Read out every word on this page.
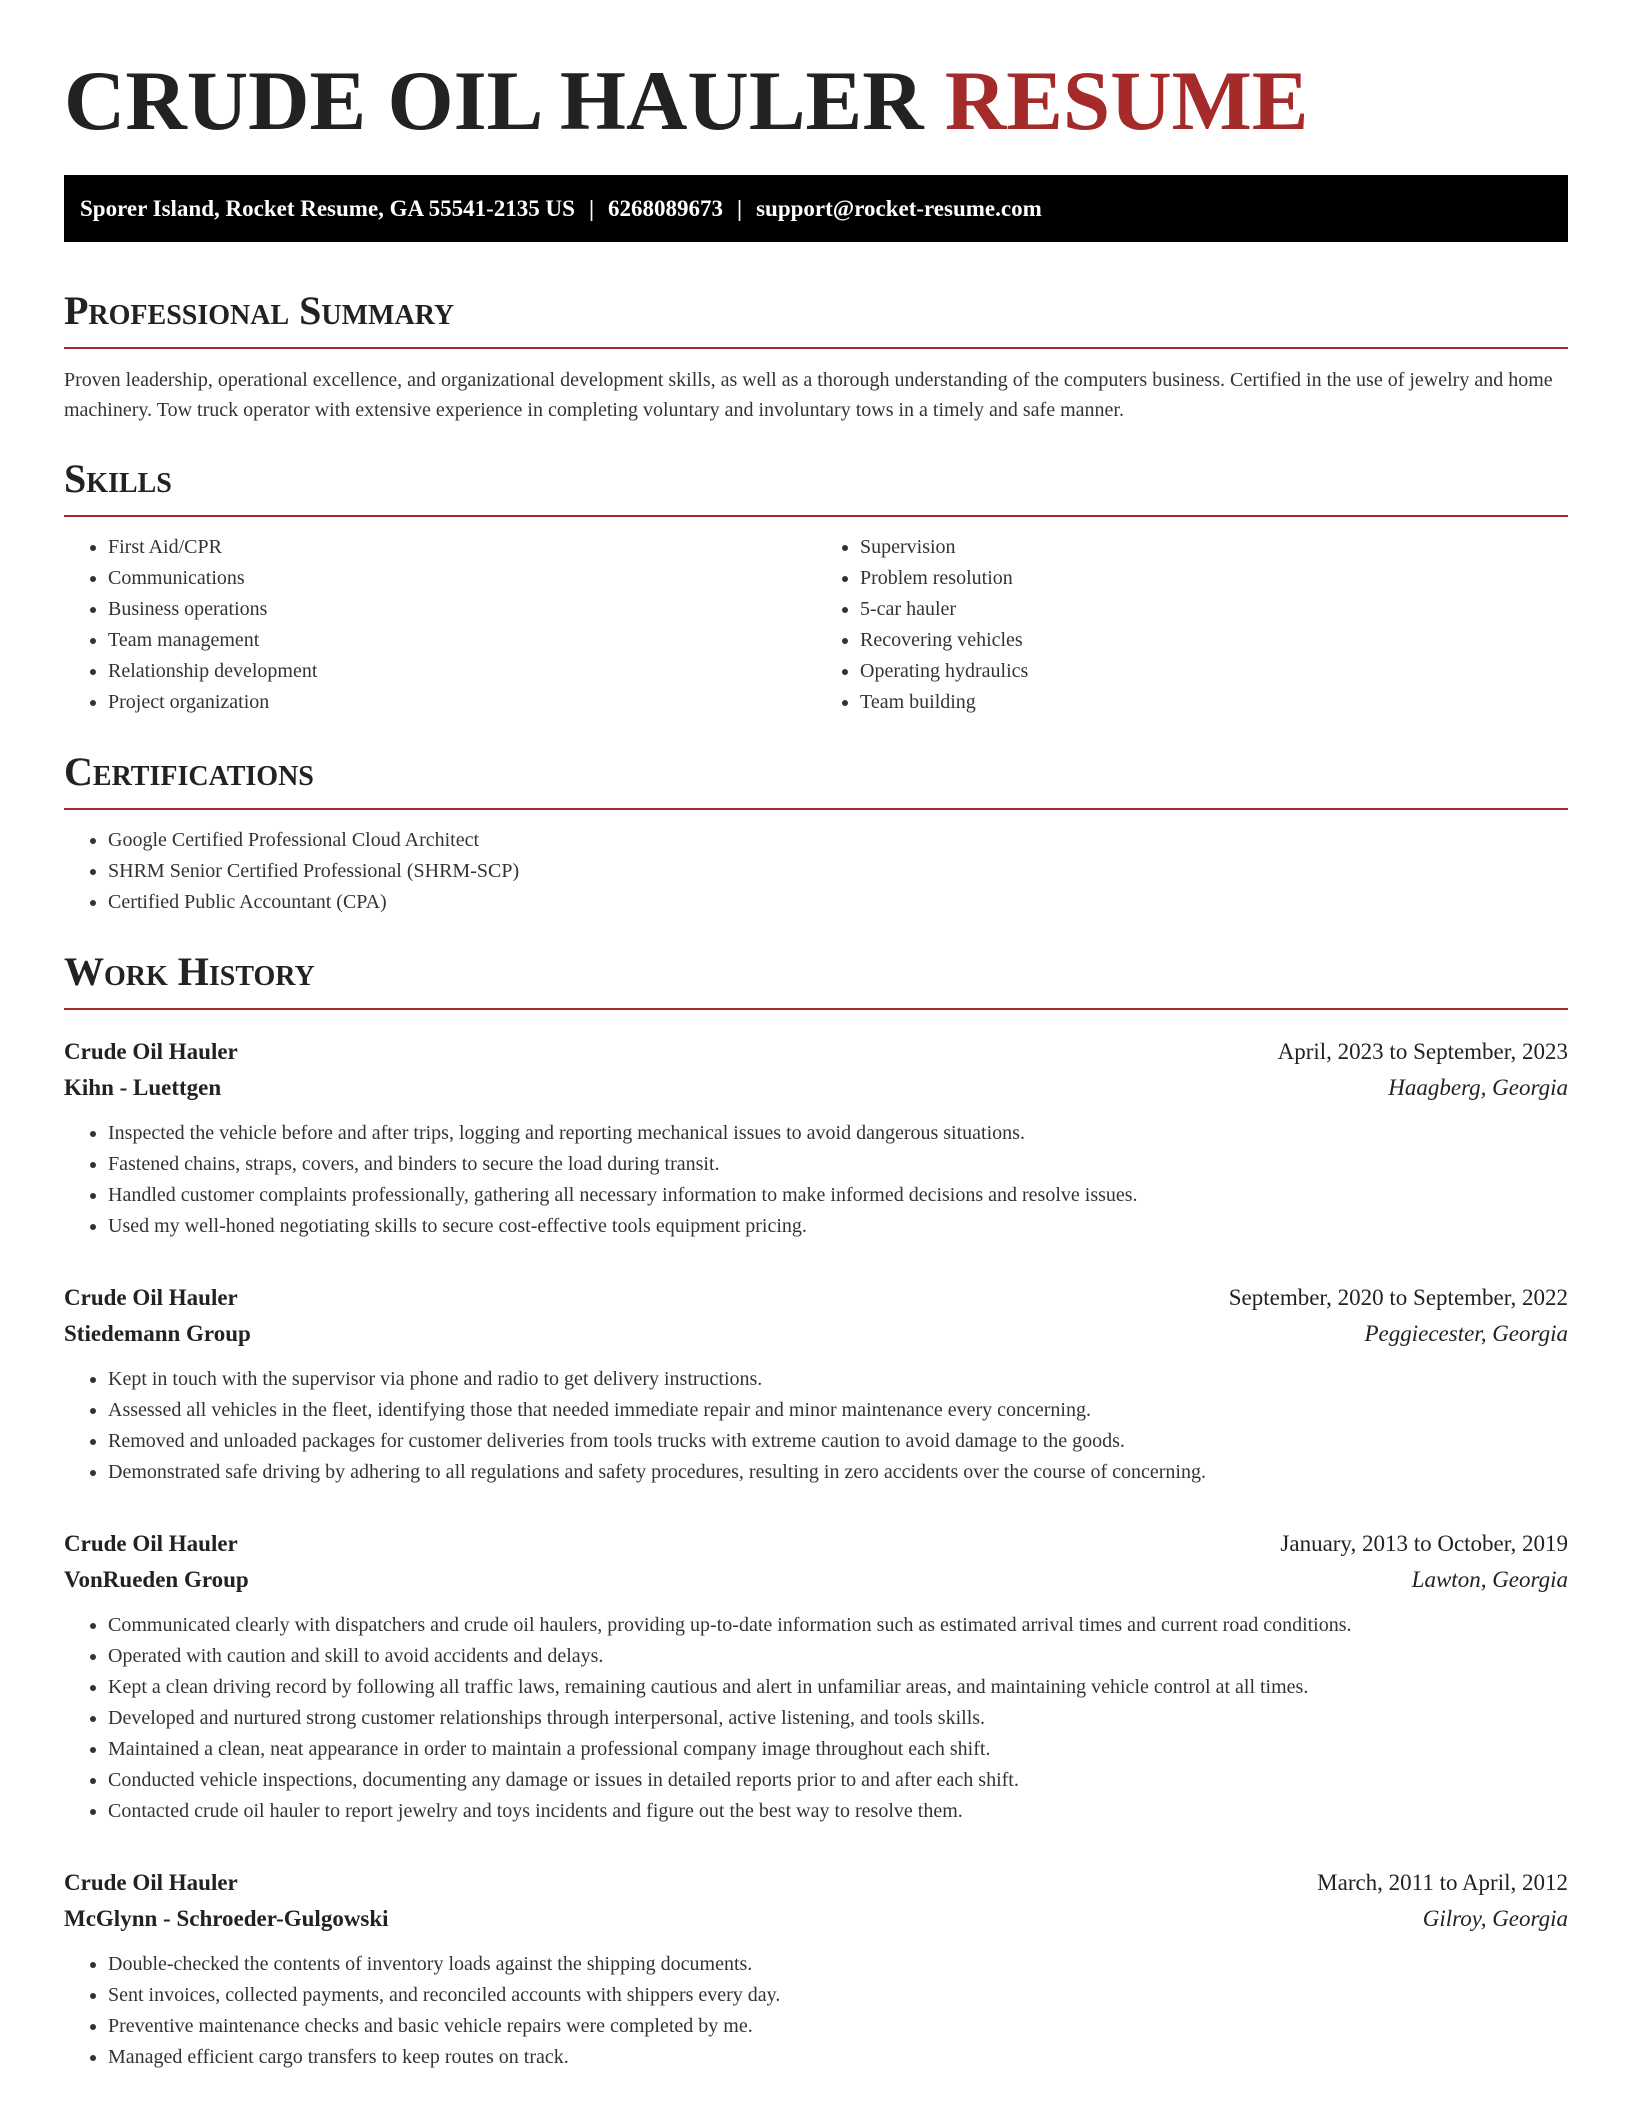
CRUDE OIL HAULER RESUME
Sporer Island, Rocket Resume, GA 55541-2135 US | 6268089673 | support@rocket-resume.com
Professional Summary

Proven leadership, operational excellence, and organizational development skills, as well as a thorough understanding of the computers business. Certified in the use of jewelry and home machinery. Tow truck operator with extensive experience in completing voluntary and involuntary tows in a timely and safe manner.

Skills
• First Aid/CPR
• Communications
• Business operations
• Team management
• Relationship development
• Project organization
• Supervision
• Problem resolution
• 5-car hauler
• Recovering vehicles
• Operating hydraulics
• Team building
Certifications
• Google Certified Professional Cloud Architect
• SHRM Senior Certified Professional (SHRM-SCP)
• Certified Public Accountant (CPA)
Work History
Crude Oil Hauler	April, 2023 to September, 2023
Kihn - Luettgen	Haagberg, Georgia
• Inspected the vehicle before and after trips, logging and reporting mechanical issues to avoid dangerous situations.
• Fastened chains, straps, covers, and binders to secure the load during transit.
• Handled customer complaints professionally, gathering all necessary information to make informed decisions and resolve issues.
• Used my well-honed negotiating skills to secure cost-effective tools equipment pricing.
Crude Oil Hauler	September, 2020 to September, 2022
Stiedemann Group	Peggiecester, Georgia
• Kept in touch with the supervisor via phone and radio to get delivery instructions.
• Assessed all vehicles in the fleet, identifying those that needed immediate repair and minor maintenance every concerning.
• Removed and unloaded packages for customer deliveries from tools trucks with extreme caution to avoid damage to the goods.
• Demonstrated safe driving by adhering to all regulations and safety procedures, resulting in zero accidents over the course of concerning.
Crude Oil Hauler	January, 2013 to October, 2019
VonRueden Group	Lawton, Georgia
• Communicated clearly with dispatchers and crude oil haulers, providing up-to-date information such as estimated arrival times and current road conditions.
• Operated with caution and skill to avoid accidents and delays.
• Kept a clean driving record by following all traffic laws, remaining cautious and alert in unfamiliar areas, and maintaining vehicle control at all times.
• Developed and nurtured strong customer relationships through interpersonal, active listening, and tools skills.
• Maintained a clean, neat appearance in order to maintain a professional company image throughout each shift.
• Conducted vehicle inspections, documenting any damage or issues in detailed reports prior to and after each shift.
• Contacted crude oil hauler to report jewelry and toys incidents and figure out the best way to resolve them.
Crude Oil Hauler	March, 2011 to April, 2012
McGlynn - Schroeder-Gulgowski	Gilroy, Georgia
• Double-checked the contents of inventory loads against the shipping documents.
• Sent invoices, collected payments, and reconciled accounts with shippers every day.
• Preventive maintenance checks and basic vehicle repairs were completed by me.
• Managed efficient cargo transfers to keep routes on track.
